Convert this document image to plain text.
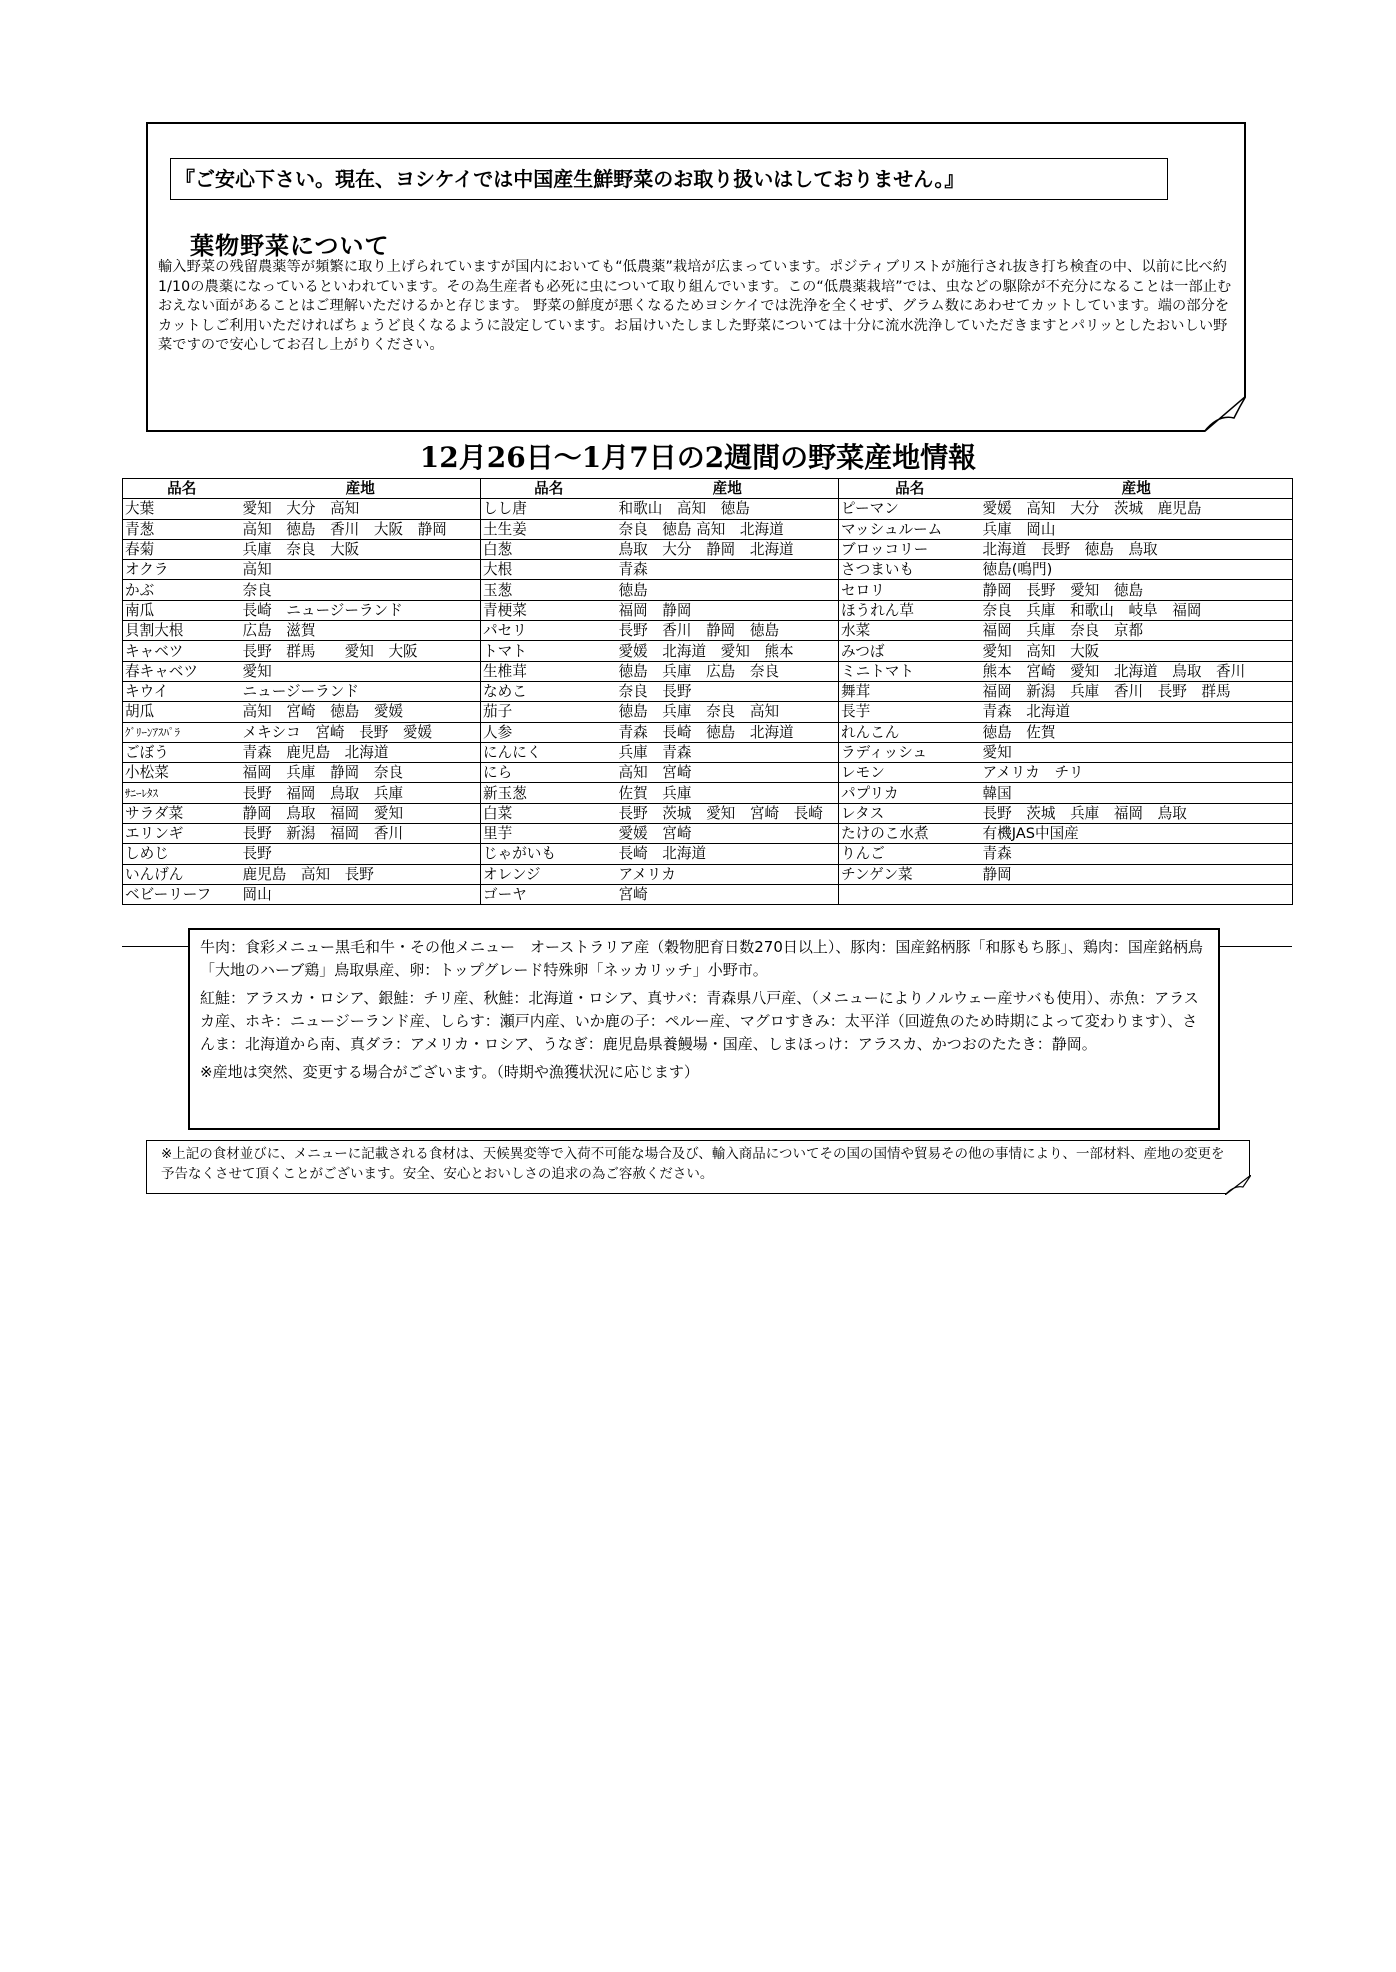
『ご安心下さい。現在、ヨシケイでは中国産生鮮野菜のお取り扱いはしておりません。』
葉物野菜について
輸入野菜の残留農薬等が頻繁に取り上げられていますが国内においても“低農薬”栽培が広まっています。ポジティブリストが施行され抜き打ち検査の中、以前に比べ約1/10の農薬になっているといわれています。その為生産者も必死に虫について取り組んでいます。この“低農薬栽培”では、虫などの駆除が不充分になることは一部止むおえない面があることはご理解いただけるかと存じます。 野菜の鮮度が悪くなるためヨシケイでは洗浄を全くせず、グラム数にあわせてカットしています。端の部分をカットしご利用いただければちょうど良くなるように設定しています。お届けいたしました野菜については十分に流水洗浄していただきますとパリッとしたおいしい野菜ですので安心してお召し上がりください。
12月26日～1月7日の2週間の野菜産地情報
品名	産地	品名	産地	品名	産地
大葉	愛知　大分　高知	しし唐	和歌山　高知　徳島	ピーマン	愛媛　高知　大分　茨城　鹿児島
青葱	高知　徳島　香川　大阪　静岡	土生姜	奈良　徳島 高知　北海道	マッシュルーム	兵庫　岡山
春菊	兵庫　奈良　大阪	白葱	鳥取　大分　静岡　北海道	ブロッコリー	北海道　長野　徳島　鳥取
オクラ	高知	大根	青森	さつまいも	徳島(鳴門)
かぶ	奈良	玉葱	徳島	セロリ	静岡　長野　愛知　徳島
南瓜	長崎　ニュージーランド	青梗菜	福岡　静岡	ほうれん草	奈良　兵庫　和歌山　岐阜　福岡
貝割大根	広島　滋賀	パセリ	長野　香川　静岡　徳島	水菜	福岡　兵庫　奈良　京都
キャベツ	長野　群馬　　愛知　大阪	トマト	愛媛　北海道　愛知　熊本	みつば	愛知　高知　大阪
春キャベツ	愛知	生椎茸	徳島　兵庫　広島　奈良	ミニトマト	熊本　宮崎　愛知　北海道　鳥取　香川
キウイ	ニュージーランド	なめこ	奈良　長野	舞茸	福岡　新潟　兵庫　香川　長野　群馬
胡瓜	高知　宮崎　徳島　愛媛	茄子	徳島　兵庫　奈良　高知	長芋	青森　北海道
ｸﾞﾘｰﾝｱｽﾊﾟﾗ	メキシコ　宮崎　長野　愛媛	人参	青森　長崎　徳島　北海道	れんこん	徳島　佐賀
ごぼう	青森　鹿児島　北海道	にんにく	兵庫　青森	ラディッシュ	愛知
小松菜	福岡　兵庫　静岡　奈良	にら	高知　宮崎	レモン	アメリカ　チリ
ｻﾆｰﾚﾀｽ	長野　福岡　鳥取　兵庫	新玉葱	佐賀　兵庫	パプリカ	韓国
サラダ菜	静岡　鳥取　福岡　愛知	白菜	長野　茨城　愛知　宮崎　長崎	レタス	長野　茨城　兵庫　福岡　鳥取
エリンギ	長野　新潟　福岡　香川	里芋	愛媛　宮崎	たけのこ水煮	有機JAS中国産
しめじ	長野	じゃがいも	長崎　北海道	りんご	青森
いんげん	鹿児島　高知　長野	オレンジ	アメリカ	チンゲン菜	静岡
ベビーリーフ	岡山	ゴーヤ	宮崎		

牛肉：食彩メニュー黒毛和牛・その他メニュー　オーストラリア産（穀物肥育日数270日以上）、豚肉：国産銘柄豚「和豚もち豚」、鶏肉：国産銘柄鳥「大地のハーブ鶏」鳥取県産、卵：トップグレード特殊卵「ネッカリッチ」小野市。

紅鮭：アラスカ・ロシア、銀鮭：チリ産、秋鮭：北海道・ロシア、真サバ：青森県八戸産、（メニューによりノルウェー産サバも使用）、赤魚：アラスカ産、ホキ：ニュージーランド産、しらす：瀬戸内産、いか鹿の子：ペルー産、マグロすきみ：太平洋（回遊魚のため時期によって変わります）、さんま：北海道から南、真ダラ：アメリカ・ロシア、うなぎ：鹿児島県養鰻場・国産、しまほっけ：アラスカ、かつおのたたき：静岡。

※産地は突然、変更する場合がございます。（時期や漁獲状況に応じます）

※上記の食材並びに、メニューに記載される食材は、天候異変等で入荷不可能な場合及び、輸入商品についてその国の国情や貿易その他の事情により、一部材料、産地の変更を予告なくさせて頂くことがございます。安全、安心とおいしさの追求の為ご容赦ください。
